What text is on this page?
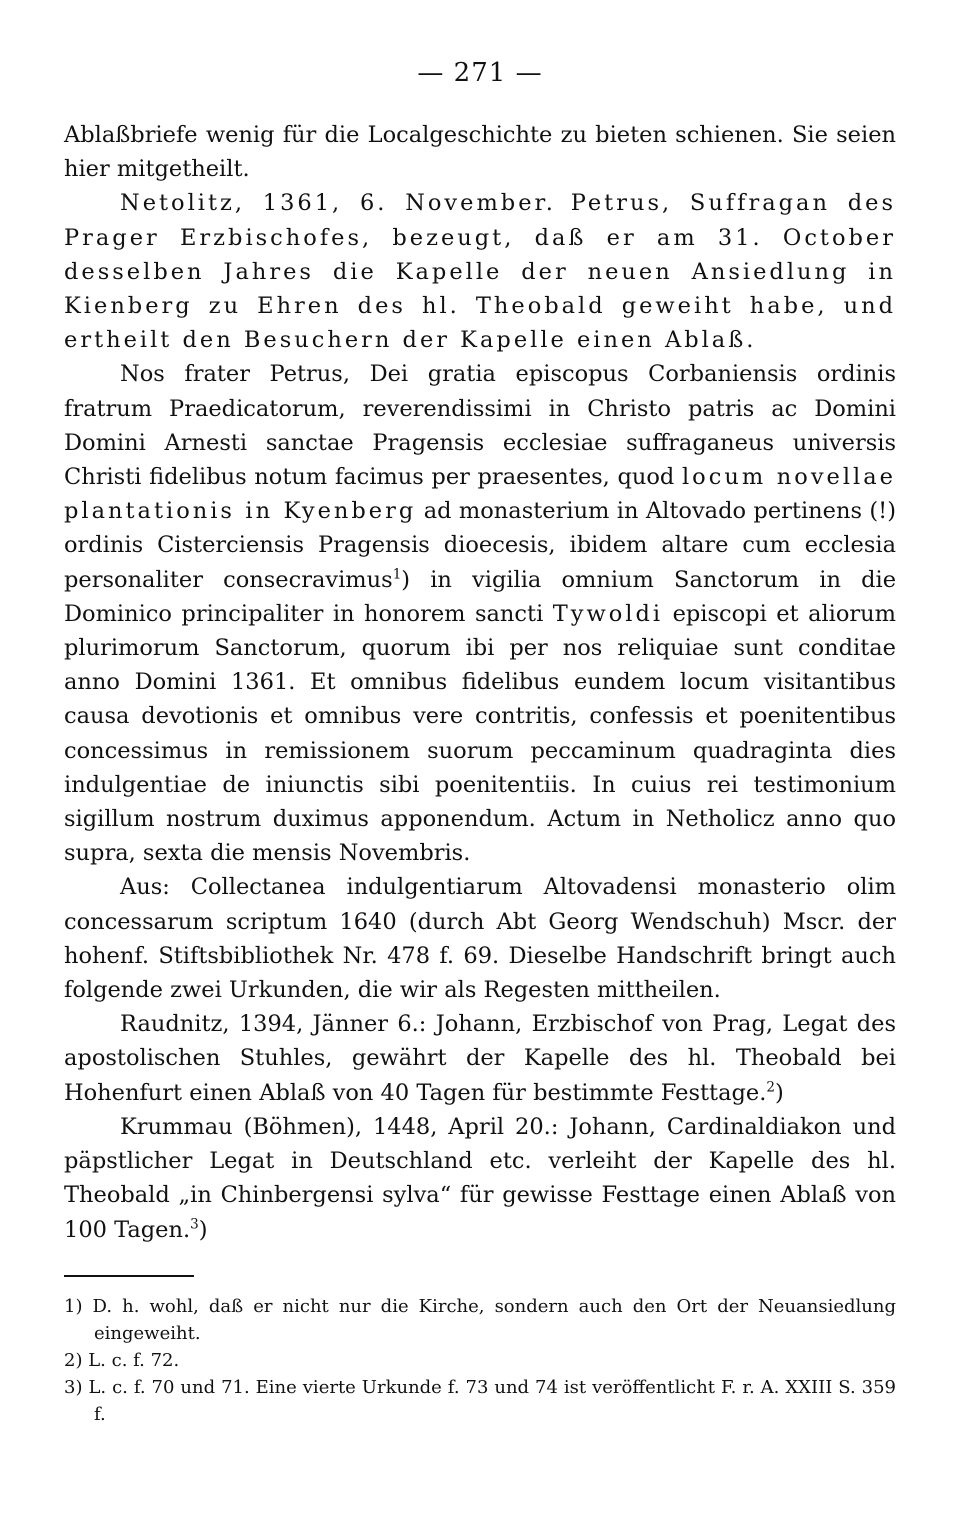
— 271 —

Ablaßbriefe wenig für die Localgeschichte zu bieten schienen. Sie seien hier mitgetheilt.

Netolitz, 1361, 6. November. Petrus, Suffragan des Prager Erzbischofes, bezeugt, daß er am 31. October desselben Jahres die Kapelle der neuen Ansiedlung in Kienberg zu Ehren des hl. Theobald geweiht habe, und ertheilt den Besuchern der Kapelle einen Ablaß.

Nos frater Petrus, Dei gratia episcopus Corbaniensis ordinis fratrum Praedicatorum, reverendissimi in Christo patris ac Domini Domini Arnesti sanctae Pragensis ecclesiae suffraganeus universis Christi fidelibus notum facimus per praesentes, quod locum novellae plantationis in Kyenberg ad monasterium in Altovado pertinens (!) ordinis Cisterciensis Pragensis dioecesis, ibidem altare cum ecclesia personaliter consecravimus$^1$) in vigilia omnium Sanctorum in die Dominico principaliter in honorem sancti Tywoldi episcopi et aliorum plurimorum Sanctorum, quorum ibi per nos reliquiae sunt conditae anno Domini 1361. Et omnibus fidelibus eundem locum visitantibus causa devotionis et omnibus vere contritis, confessis et poenitentibus concessimus in remissionem suorum peccaminum quadraginta dies indulgentiae de iniunctis sibi poenitentiis. In cuius rei testimonium sigillum nostrum duximus apponendum. Actum in Netholicz anno quo supra, sexta die mensis Novembris.

Aus: Collectanea indulgentiarum Altovadensi monasterio olim concessarum scriptum 1640 (durch Abt Georg Wendschuh) Mscr. der hohenf. Stiftsbibliothek Nr. 478 f. 69. Dieselbe Handschrift bringt auch folgende zwei Urkunden, die wir als Regesten mittheilen.

Raudnitz, 1394, Jänner 6.: Johann, Erzbischof von Prag, Legat des apostolischen Stuhles, gewährt der Kapelle des hl. Theobald bei Hohenfurt einen Ablaß von 40 Tagen für bestimmte Festtage.$^2$)

Krummau (Böhmen), 1448, April 20.: Johann, Cardinaldiakon und päpstlicher Legat in Deutschland etc. verleiht der Kapelle des hl. Theobald „in Chinbergensi sylva“ für gewisse Festtage einen Ablaß von 100 Tagen.$^3$)

1) D. h. wohl, daß er nicht nur die Kirche, sondern auch den Ort der Neuansiedlung eingeweiht.

2) L. c. f. 72.

3) L. c. f. 70 und 71. Eine vierte Urkunde f. 73 und 74 ist veröffentlicht F. r. A. XXIII S. 359 f.
